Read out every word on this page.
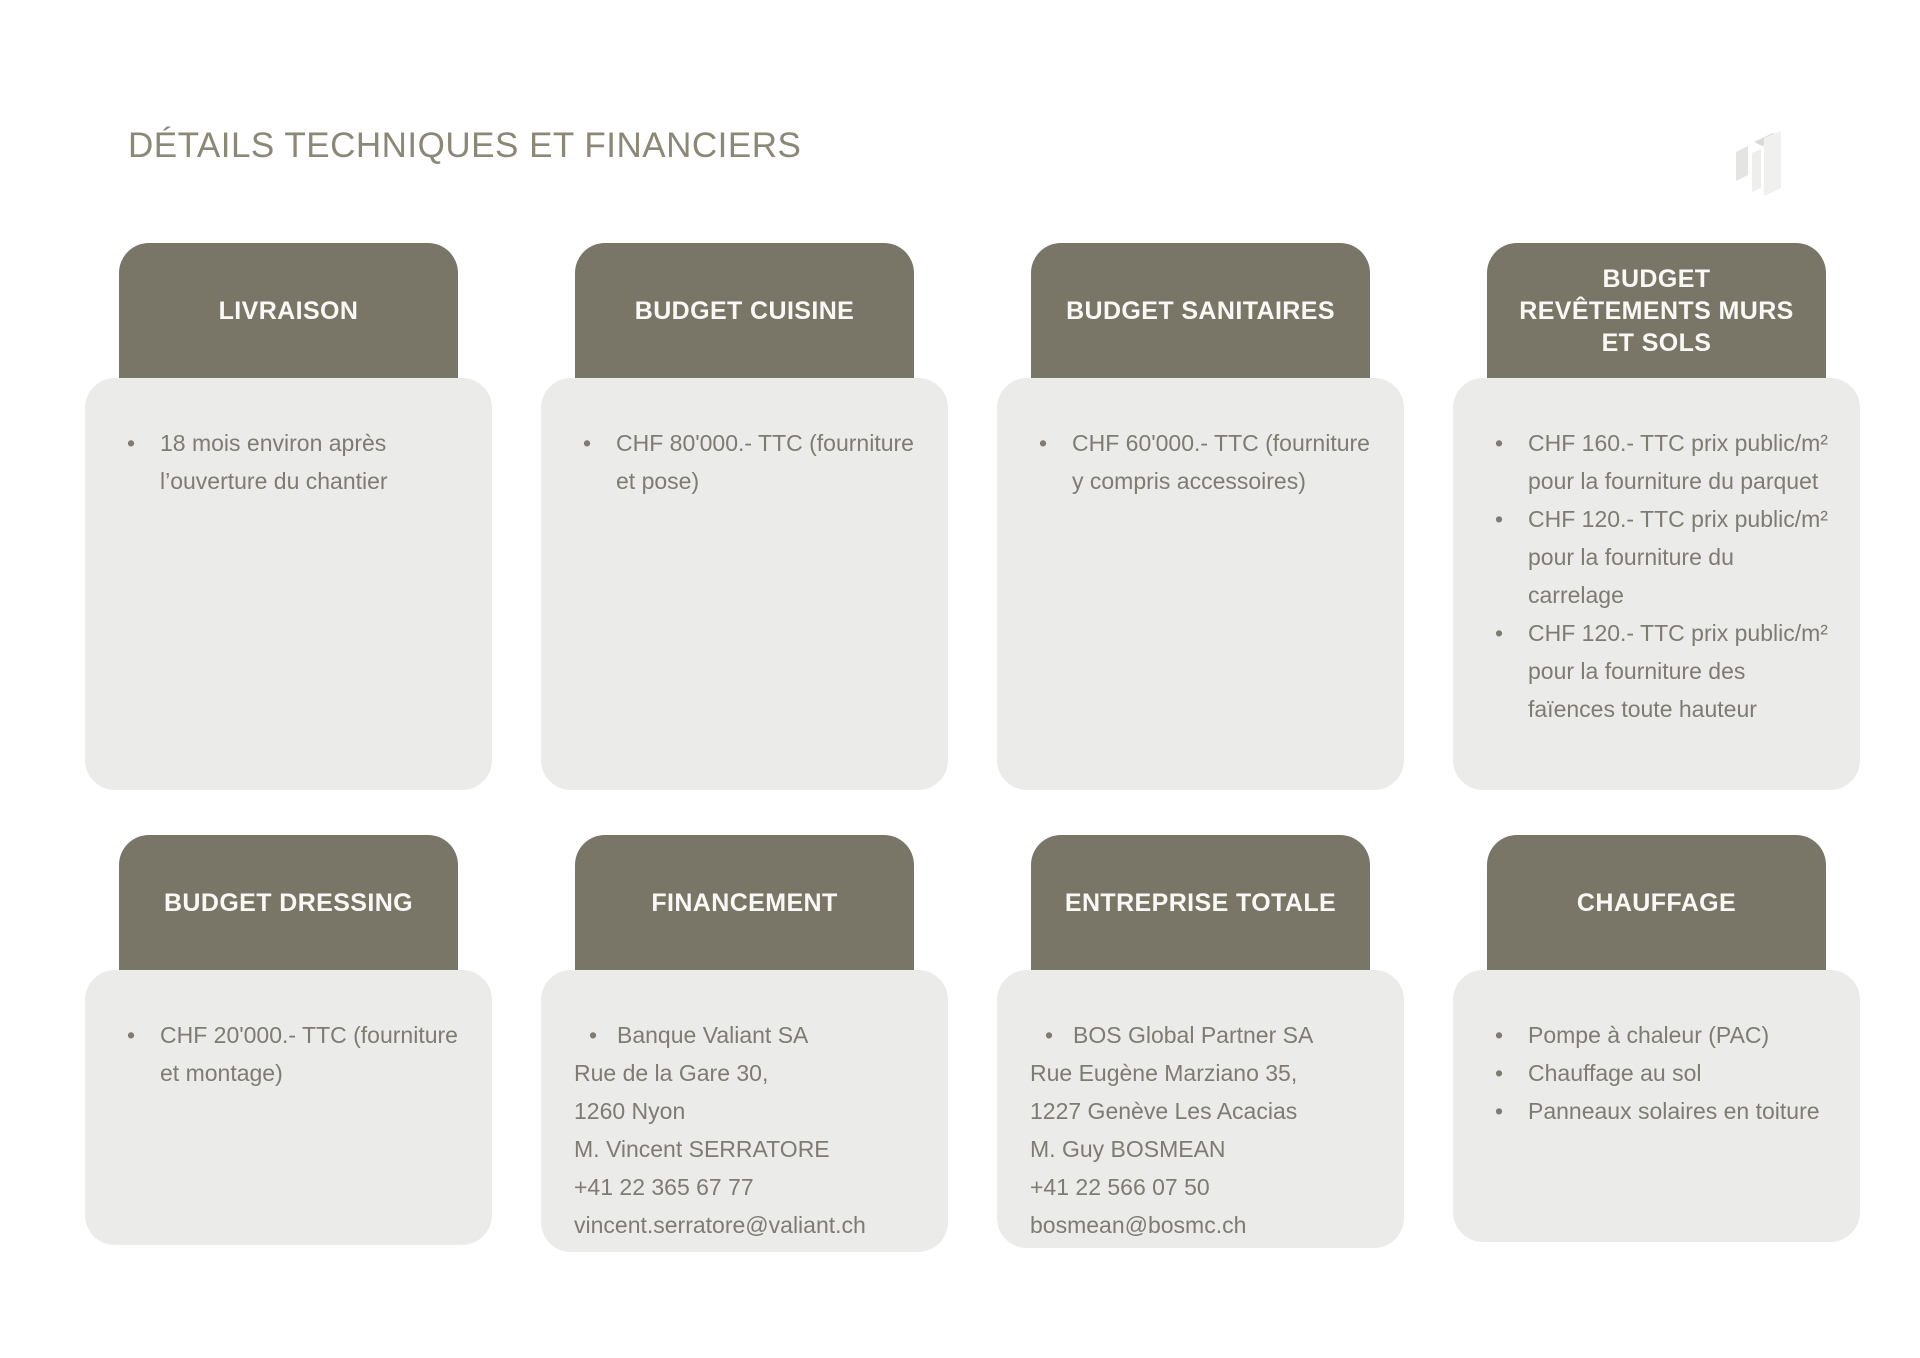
DÉTAILS TECHNIQUES ET FINANCIERS
LIVRAISON
•	18 mois environ après l’ouverture du chantier
BUDGET CUISINE
•	CHF 80'000.- TTC (fourniture et pose)
BUDGET SANITAIRES
•	CHF 60'000.- TTC (fourniture y compris accessoires)
BUDGET REVÊTEMENTS MURS ET SOLS
•	CHF 160.- TTC prix public/m² pour la fourniture du parquet
•	CHF 120.- TTC prix public/m² pour la fourniture du carrelage
•	CHF 120.- TTC prix public/m² pour la fourniture des faïences toute hauteur
BUDGET DRESSING
•	CHF 20'000.- TTC (fourniture et montage)
FINANCEMENT
• Banque Valiant SA
Rue de la Gare 30,
1260 Nyon
M. Vincent SERRATORE
+41 22 365 67 77
vincent.serratore@valiant.ch
ENTREPRISE TOTALE
• BOS Global Partner SA
Rue Eugène Marziano 35,
1227 Genève Les Acacias
M. Guy BOSMEAN
+41 22 566 07 50
bosmean@bosmc.ch
CHAUFFAGE
•	Pompe à chaleur (PAC)
•	Chauffage au sol
•	Panneaux solaires en toiture
